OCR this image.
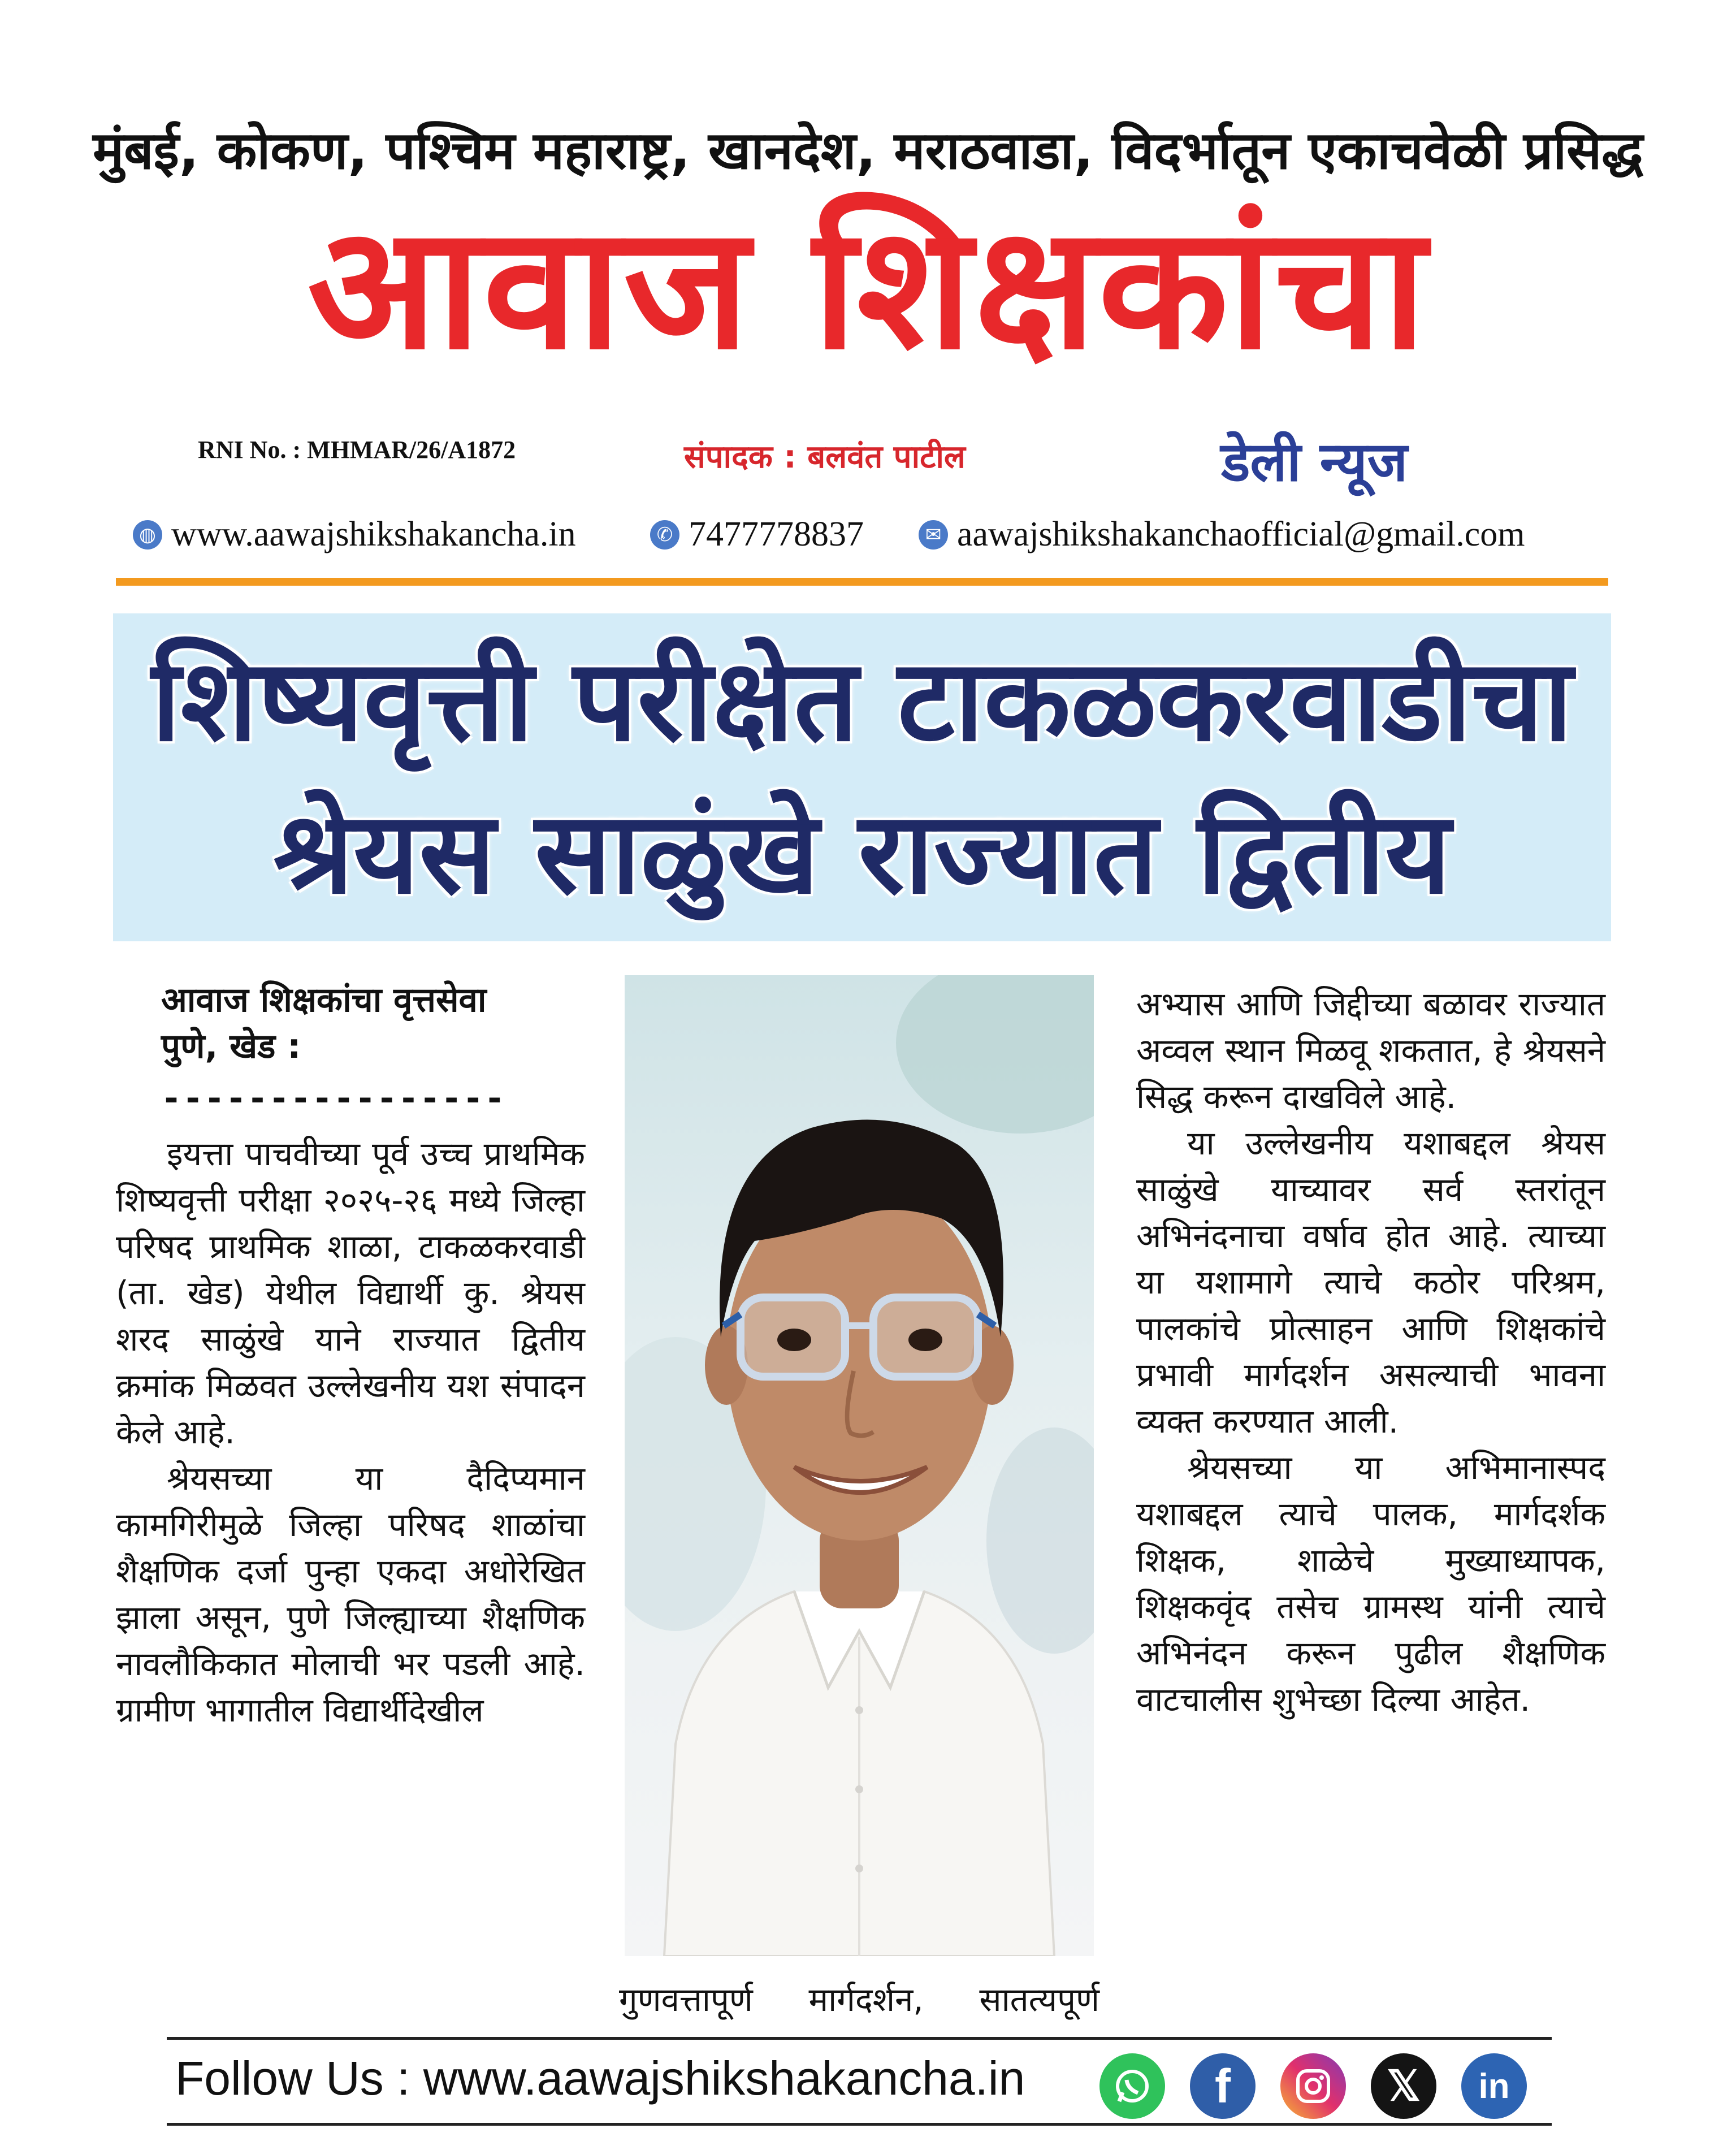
मुंबई, कोकण, पश्चिम महाराष्ट्र, खानदेश, मराठवाडा, विदर्भातून एकाचवेळी प्रसिद्ध
आवाज शिक्षकांचा
RNI No. : MHMAR/26/A1872	संपादक : बलवंत पाटील	डेली न्यूज
◍ www.aawajshikshakancha.in	✆ 7477778837	✉ aawajshikshakanchaofficial@gmail.com
शिष्यवृत्ती परीक्षेत टाकळकरवाडीचा
श्रेयस साळुंखे राज्यात द्वितीय
आवाज शिक्षकांचा वृत्तसेवा
पुणे, खेड :
----------------

इयत्ता पाचवीच्या पूर्व उच्च प्राथमिक शिष्यवृत्ती परीक्षा २०२५-२६ मध्ये जिल्हा परिषद प्राथमिक शाळा, टाकळकरवाडी (ता. खेड) येथील विद्यार्थी कु. श्रेयस शरद साळुंखे याने राज्यात द्वितीय क्रमांक मिळवत उल्लेखनीय यश संपादन केले आहे.

श्रेयसच्या या दैदिप्यमान कामगिरीमुळे जिल्हा परिषद शाळांचा शैक्षणिक दर्जा पुन्हा एकदा अधोरेखित झाला असून, पुणे जिल्ह्याच्या शैक्षणिक नावलौकिकात मोलाची भर पडली आहे. ग्रामीण भागातील विद्यार्थीदेखील

गुणवत्तापूर्ण मार्गदर्शन, सातत्यपूर्ण

अभ्यास आणि जिद्दीच्या बळावर राज्यात अव्वल स्थान मिळवू शकतात, हे श्रेयसने सिद्ध करून दाखविले आहे.

या उल्लेखनीय यशाबद्दल श्रेयस साळुंखे याच्यावर सर्व स्तरांतून अभिनंदनाचा वर्षाव होत आहे. त्याच्या या यशामागे त्याचे कठोर परिश्रम, पालकांचे प्रोत्साहन आणि शिक्षकांचे प्रभावी मार्गदर्शन असल्याची भावना व्यक्त करण्यात आली.

श्रेयसच्या या अभिमानास्पद यशाबद्दल त्याचे पालक, मार्गदर्शक शिक्षक, शाळेचे मुख्याध्यापक, शिक्षकवृंद तसेच ग्रामस्थ यांनी त्याचे अभिनंदन करून पुढील शैक्षणिक वाटचालीस शुभेच्छा दिल्या आहेत.

Follow Us : www.aawajshikshakancha.in	f	𝕏	in
